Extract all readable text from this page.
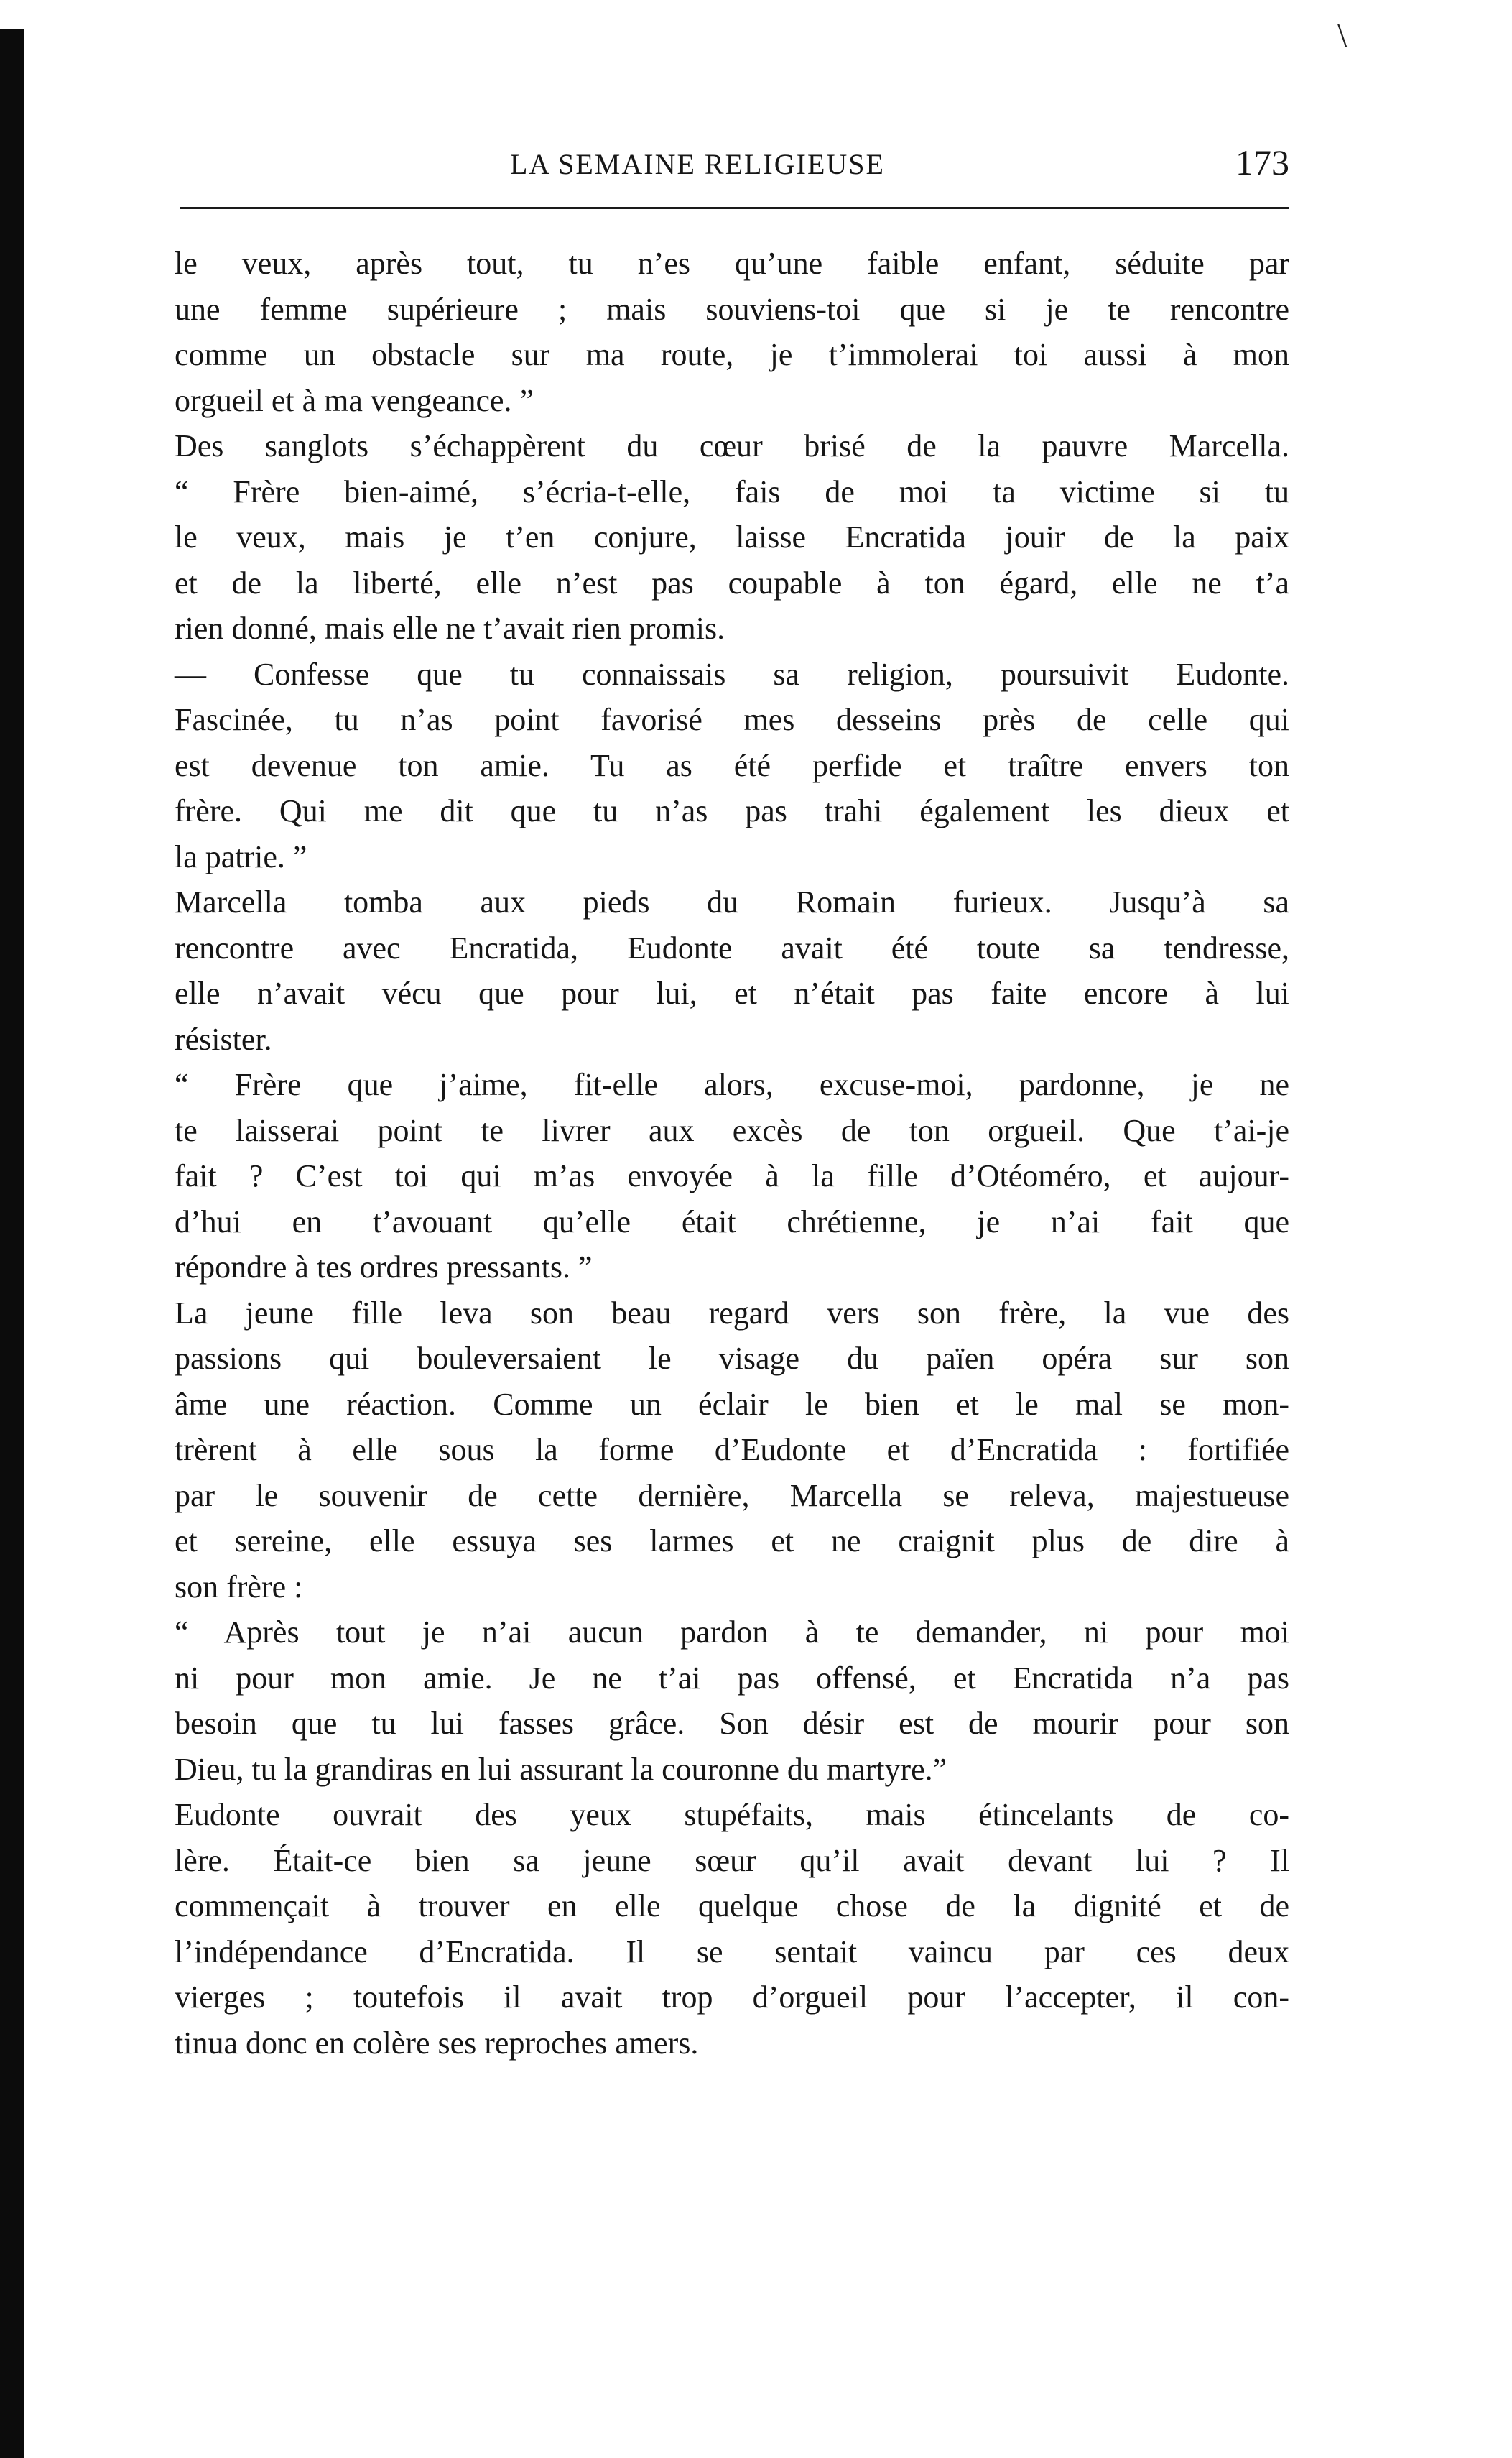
\
LA SEMAINE RELIGIEUSE	173
le veux, après tout, tu n’es qu’une faible enfant, séduite par
une femme supérieure ; mais souviens-toi que si je te rencontre
comme un obstacle sur ma route, je t’immolerai toi aussi à mon
orgueil et à ma vengeance. ”
Des sanglots s’échappèrent du cœur brisé de la pauvre Marcella.
“ Frère bien-aimé, s’écria-t-elle, fais de moi ta victime si tu
le veux, mais je t’en conjure, laisse Encratida jouir de la paix
et de la liberté, elle n’est pas coupable à ton égard, elle ne t’a
rien donné, mais elle ne t’avait rien promis.
— Confesse que tu connaissais sa religion, poursuivit Eudonte.
Fascinée, tu n’as point favorisé mes desseins près de celle qui
est devenue ton amie. Tu as été perfide et traître envers ton
frère. Qui me dit que tu n’as pas trahi également les dieux et
la patrie. ”
Marcella tomba aux pieds du Romain furieux. Jusqu’à sa
rencontre avec Encratida, Eudonte avait été toute sa tendresse,
elle n’avait vécu que pour lui, et n’était pas faite encore à lui
résister.
“ Frère que j’aime, fit-elle alors, excuse-moi, pardonne, je ne
te laisserai point te livrer aux excès de ton orgueil. Que t’ai-je
fait ? C’est toi qui m’as envoyée à la fille d’Otéoméro, et aujour-
d’hui en t’avouant qu’elle était chrétienne, je n’ai fait que
répondre à tes ordres pressants. ”
La jeune fille leva son beau regard vers son frère, la vue des
passions qui bouleversaient le visage du païen opéra sur son
âme une réaction. Comme un éclair le bien et le mal se mon-
trèrent à elle sous la forme d’Eudonte et d’Encratida : fortifiée
par le souvenir de cette dernière, Marcella se releva, majestueuse
et sereine, elle essuya ses larmes et ne craignit plus de dire à
son frère :
“ Après tout je n’ai aucun pardon à te demander, ni pour moi
ni pour mon amie. Je ne t’ai pas offensé, et Encratida n’a pas
besoin que tu lui fasses grâce. Son désir est de mourir pour son
Dieu, tu la grandiras en lui assurant la couronne du martyre.”
Eudonte ouvrait des yeux stupéfaits, mais étincelants de co-
lère. Était-ce bien sa jeune sœur qu’il avait devant lui ? Il
commençait à trouver en elle quelque chose de la dignité et de
l’indépendance d’Encratida. Il se sentait vaincu par ces deux
vierges ; toutefois il avait trop d’orgueil pour l’accepter, il con-
tinua donc en colère ses reproches amers.
